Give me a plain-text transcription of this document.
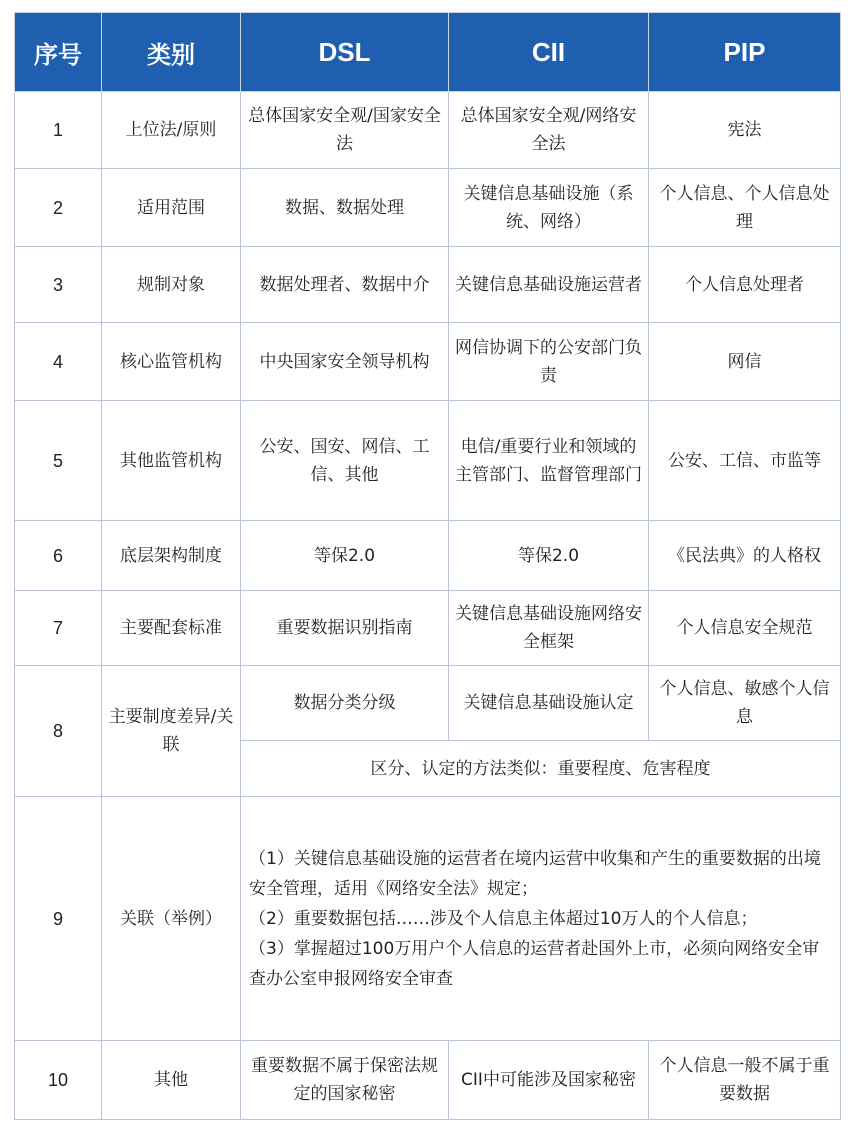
序号	类别	DSL	CII	PIP
1	上位法/原则	总体国家安全观/国家安全法	总体国家安全观/网络安全法	宪法
2	适用范围	数据、数据处理	关键信息基础设施（系统、网络）	个人信息、个人信息处理
3	规制对象	数据处理者、数据中介	关键信息基础设施运营者	个人信息处理者
4	核心监管机构	中央国家安全领导机构	网信协调下的公安部门负责	网信
5	其他监管机构	公安、国安、网信、工信、其他	电信/重要行业和领域的主管部门、监督管理部门	公安、工信、市监等
6	底层架构制度	等保2.0	等保2.0	《民法典》的人格权
7	主要配套标准	重要数据识别指南	关键信息基础设施网络安全框架	个人信息安全规范
8	主要制度差异/关联	数据分类分级	关键信息基础设施认定	个人信息、敏感个人信息
		区分、认定的方法类似：重要程度、危害程度		
9	关联（举例）	（1）关键信息基础设施的运营者在境内运营中收集和产生的重要数据的出境安全管理，适用《网络安全法》规定；
（2）重要数据包括……涉及个人信息主体超过10万人的个人信息；
（3）掌握超过100万用户个人信息的运营者赴国外上市，必须向网络安全审查办公室申报网络安全审查		

10	其他	重要数据不属于保密法规定的国家秘密	CII中可能涉及国家秘密	个人信息一般不属于重要数据
